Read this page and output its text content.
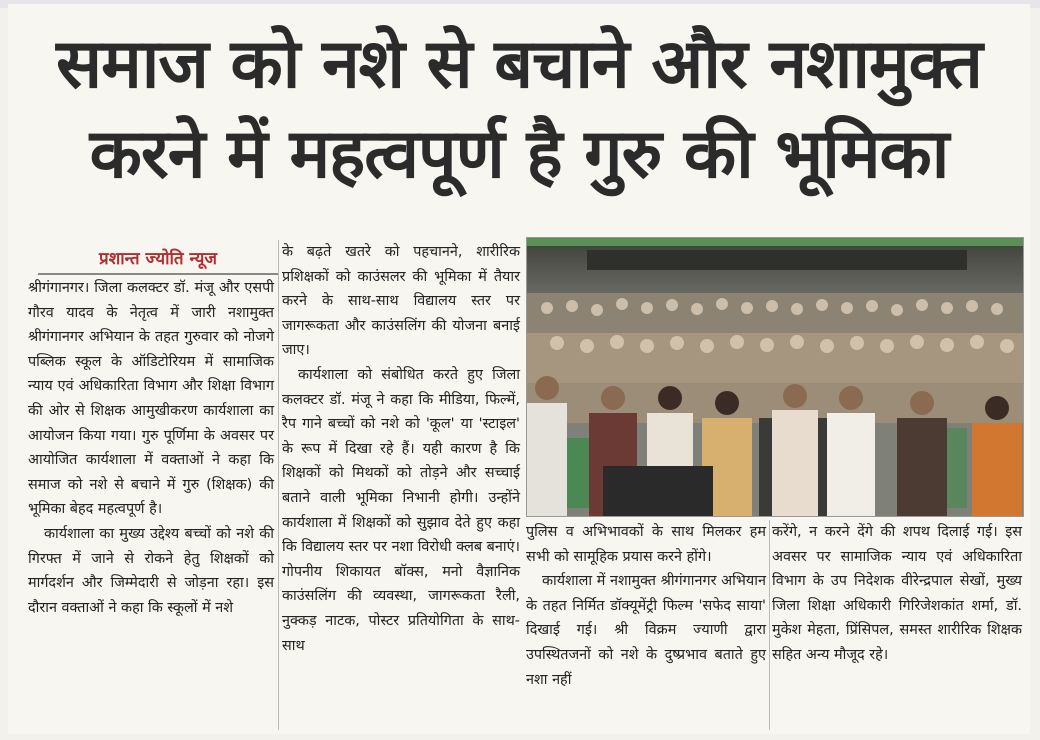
समाज को नशे से बचाने और नशामुक्त
करने में महत्वपूर्ण है गुरु की भूमिका
प्रशान्त ज्योति न्यूज

श्रीगंगानगर। जिला कलक्टर डॉ. मंजू और एसपी गौरव यादव के नेतृत्व में जारी नशामुक्त श्रीगंगानगर अभियान के तहत गुरुवार को नोजगे पब्लिक स्कूल के ऑडिटोरियम में सामाजिक न्याय एवं अधिकारिता विभाग और शिक्षा विभाग की ओर से शिक्षक आमुखीकरण कार्यशाला का आयोजन किया गया। गुरु पूर्णिमा के अवसर पर आयोजित कार्यशाला में वक्ताओं ने कहा कि समाज को नशे से बचाने में गुरु (शिक्षक) की भूमिका बेहद महत्वपूर्ण है।

कार्यशाला का मुख्य उद्देश्य बच्चों को नशे की गिरफ्त में जाने से रोकने हेतु शिक्षकों को मार्गदर्शन और जिम्मेदारी से जोड़ना रहा। इस दौरान वक्ताओं ने कहा कि स्कूलों में नशे

के बढ़ते खतरे को पहचानने, शारीरिक प्रशिक्षकों को काउंसलर की भूमिका में तैयार करने के साथ-साथ विद्यालय स्तर पर जागरूकता और काउंसलिंग की योजना बनाई जाए।

कार्यशाला को संबोधित करते हुए जिला कलक्टर डॉ. मंजू ने कहा कि मीडिया, फिल्में, रैप गाने बच्चों को नशे को 'कूल' या 'स्टाइल' के रूप में दिखा रहे हैं। यही कारण है कि शिक्षकों को मिथकों को तोड़ने और सच्चाई बताने वाली भूमिका निभानी होगी। उन्होंने कार्यशाला में शिक्षकों को सुझाव देते हुए कहा कि विद्यालय स्तर पर नशा विरोधी क्लब बनाएं। गोपनीय शिकायत बॉक्स, मनो वैज्ञानिक काउंसलिंग की व्यवस्था, जागरूकता रैली, नुक्कड़ नाटक, पोस्टर प्रतियोगिता के साथ-साथ

पुलिस व अभिभावकों के साथ मिलकर हम सभी को सामूहिक प्रयास करने होंगे।

कार्यशाला में नशामुक्त श्रीगंगानगर अभियान के तहत निर्मित डॉक्यूमेंट्री फिल्म 'सफेद साया' दिखाई गई। श्री विक्रम ज्याणी द्वारा उपस्थितजनों को नशे के दुष्प्रभाव बताते हुए नशा नहीं

करेंगे, न करने देंगे की शपथ दिलाई गई। इस अवसर पर सामाजिक न्याय एवं अधिकारिता विभाग के उप निदेशक वीरेन्द्रपाल सेखों, मुख्य जिला शिक्षा अधिकारी गिरिजेशकांत शर्मा, डॉ. मुकेश मेहता, प्रिंसिपल, समस्त शारीरिक शिक्षक सहित अन्य मौजूद रहे।
